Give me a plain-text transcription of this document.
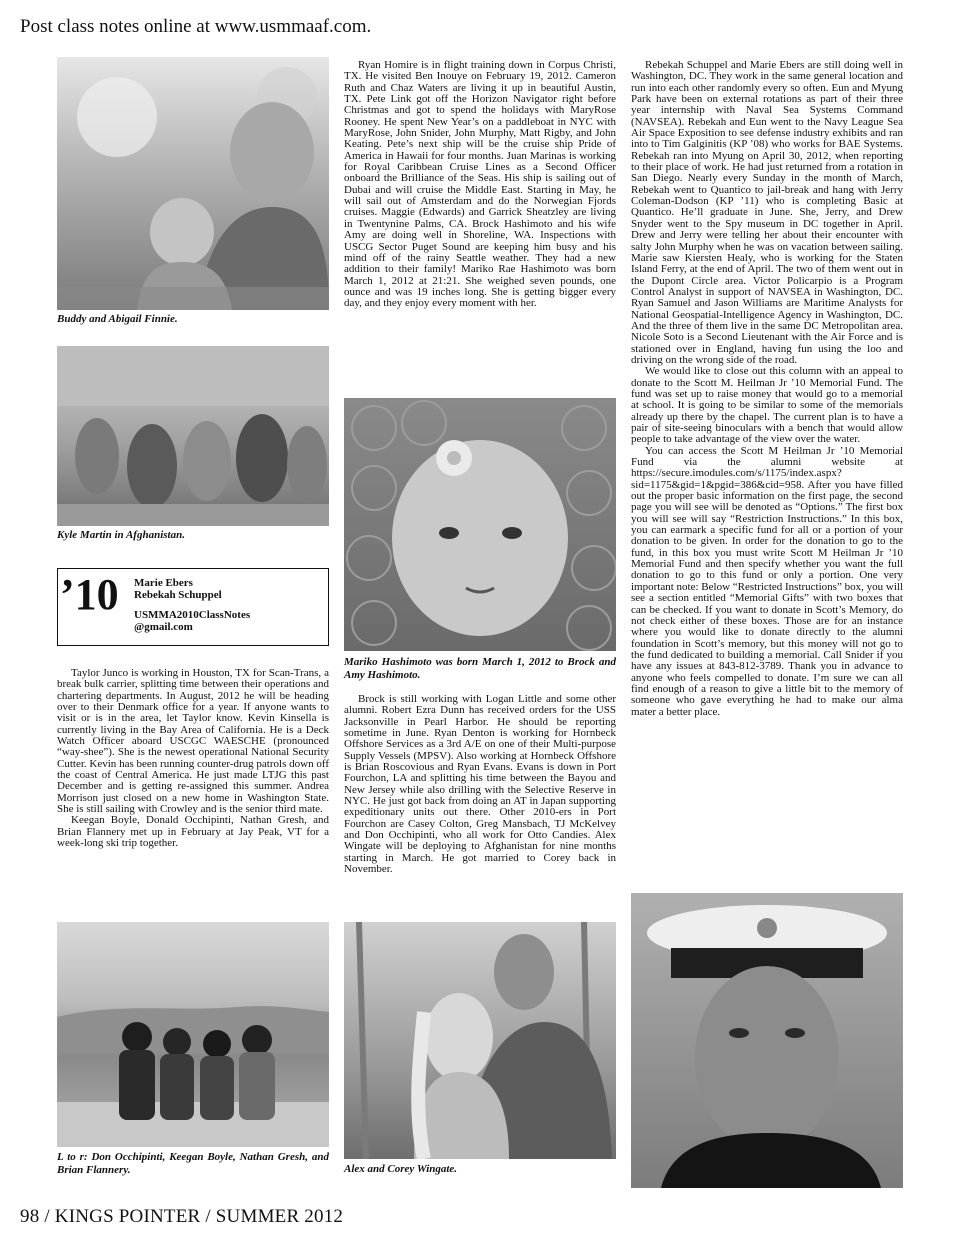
Post class notes online at www.usmmaaf.com.
Buddy and Abigail Finnie.
Kyle Martin in Afghanistan.
’10 Marie Ebers
Rebekah Schuppel
USMMA2010ClassNotes
@gmail.com

Taylor Junco is working in Houston, TX for Scan-Trans, a break bulk carrier, splitting time between their operations and chartering departments. In August, 2012 he will be heading over to their Denmark office for a year. If anyone wants to visit or is in the area, let Taylor know. Kevin Kinsella is currently living in the Bay Area of California. He is a Deck Watch Officer aboard USCGC WAESCHE (pronounced “way-shee”). She is the newest operational National Security Cutter. Kevin has been running counter-drug patrols down off the coast of Central America. He just made LTJG this past December and is getting re-assigned this summer. Andrea Morrison just closed on a new home in Washington State. She is still sailing with Crowley and is the senior third mate.

Keegan Boyle, Donald Occhipinti, Nathan Gresh, and Brian Flannery met up in February at Jay Peak, VT for a week-long ski trip together.

L to r: Don Occhipinti, Keegan Boyle, Nathan Gresh, and Brian Flannery.

Ryan Homire is in flight training down in Corpus Christi, TX. He visited Ben Inouye on February 19, 2012. Cameron Ruth and Chaz Waters are living it up in beautiful Austin, TX. Pete Link got off the Horizon Navigator right before Christmas and got to spend the holidays with MaryRose Rooney. He spent New Year’s on a paddleboat in NYC with MaryRose, John Snider, John Murphy, Matt Rigby, and John Keating. Pete’s next ship will be the cruise ship Pride of America in Hawaii for four months. Juan Marinas is working for Royal Caribbean Cruise Lines as a Second Officer onboard the Brilliance of the Seas. His ship is sailing out of Dubai and will cruise the Middle East. Starting in May, he will sail out of Amsterdam and do the Norwegian Fjords cruises. Maggie (Edwards) and Garrick Sheatzley are living in Twentynine Palms, CA. Brock Hashimoto and his wife Amy are doing well in Shoreline, WA. Inspections with USCG Sector Puget Sound are keeping him busy and his mind off of the rainy Seattle weather. They had a new addition to their family! Mariko Rae Hashimoto was born March 1, 2012 at 21:21. She weighed seven pounds, one ounce and was 19 inches long. She is getting bigger every day, and they enjoy every moment with her.

Mariko Hashimoto was born March 1, 2012 to Brock and Amy Hashimoto.

Brock is still working with Logan Little and some other alumni. Robert Ezra Dunn has received orders for the USS Jacksonville in Pearl Harbor. He should be reporting sometime in June. Ryan Denton is working for Hornbeck Offshore Services as a 3rd A/E on one of their Multi-purpose Supply Vessels (MPSV). Also working at Hornbeck Offshore is Brian Roscovious and Ryan Evans. Evans is down in Port Fourchon, LA and splitting his time between the Bayou and New Jersey while also drilling with the Selective Reserve in NYC. He just got back from doing an AT in Japan supporting expeditionary units out there. Other 2010-ers in Port Fourchon are Casey Colton, Greg Mansbach, TJ McKelvey and Don Occhipinti, who all work for Otto Candies. Alex Wingate will be deploying to Afghanistan for nine months starting in March. He got married to Corey back in November.

Alex and Corey Wingate.

Rebekah Schuppel and Marie Ebers are still doing well in Washington, DC. They work in the same general location and run into each other randomly every so often. Eun and Myung Park have been on external rotations as part of their three year internship with Naval Sea Systems Command (NAVSEA). Rebekah and Eun went to the Navy League Sea Air Space Exposition to see defense industry exhibits and ran into to Tim Galginitis (KP ’08) who works for BAE Systems. Rebekah ran into Myung on April 30, 2012, when reporting to their place of work. He had just returned from a rotation in San Diego. Nearly every Sunday in the month of March, Rebekah went to Quantico to jail-break and hang with Jerry Coleman-Dodson (KP ’11) who is completing Basic at Quantico. He’ll graduate in June. She, Jerry, and Drew Snyder went to the Spy museum in DC together in April. Drew and Jerry were telling her about their encounter with salty John Murphy when he was on vacation between sailing. Marie saw Kiersten Healy, who is working for the Staten Island Ferry, at the end of April. The two of them went out in the Dupont Circle area. Victor Policarpio is a Program Control Analyst in support of NAVSEA in Washington, DC. Ryan Samuel and Jason Williams are Maritime Analysts for National Geospatial-Intelligence Agency in Washington, DC. And the three of them live in the same DC Metropolitan area. Nicole Soto is a Second Lieutenant with the Air Force and is stationed over in England, having fun using the loo and driving on the wrong side of the road.

We would like to close out this column with an appeal to donate to the Scott M. Heilman Jr ’10 Memorial Fund. The fund was set up to raise money that would go to a memorial at school. It is going to be similar to some of the memorials already up there by the chapel. The current plan is to have a pair of site-seeing binoculars with a bench that would allow people to take advantage of the view over the water.

You can access the Scott M Heilman Jr ’10 Memorial Fund via the alumni website at https://secure.imodules.com/s/1175/index.aspx?sid=1175&gid=1&pgid=386&cid=958. After you have filled out the proper basic information on the first page, the second page you will see will be denoted as “Options.” The first box you will see will say “Restriction Instructions.” In this box, you can earmark a specific fund for all or a portion of your donation to be given. In order for the donation to go to the fund, in this box you must write Scott M Heilman Jr ’10 Memorial Fund and then specify whether you want the full donation to go to this fund or only a portion. One very important note: Below “Restricted Instructions” box, you will see a section entitled “Memorial Gifts” with two boxes that can be checked. If you want to donate in Scott’s Memory, do not check either of these boxes. Those are for an instance where you would like to donate directly to the alumni foundation in Scott’s memory, but this money will not go to the fund dedicated to building a memorial. Call Snider if you have any issues at 843-812-3789. Thank you in advance to anyone who feels compelled to donate. I’m sure we can all find enough of a reason to give a little bit to the memory of someone who gave everything he had to make our alma mater a better place.

98 / KINGS POINTER / SUMMER 2012
